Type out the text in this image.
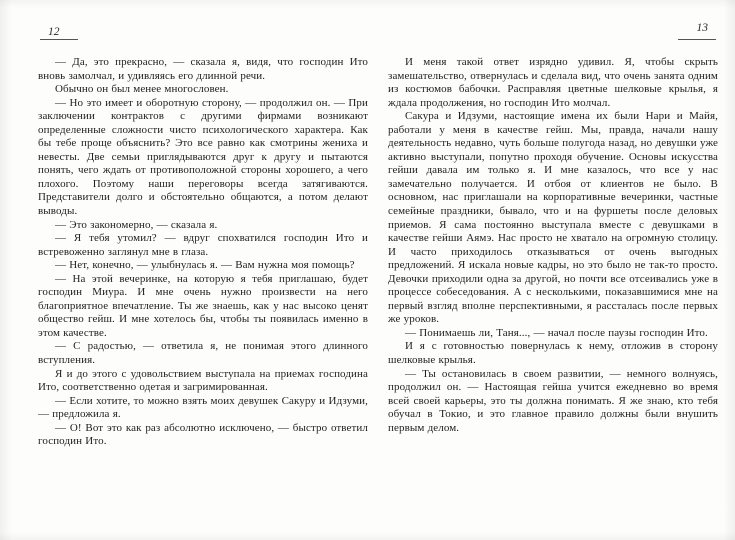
12

— Да, это прекрасно, — сказала я, видя, что господин Ито вновь замолчал, и удивляясь его длинной речи.

Обычно он был менее многословен.

— Но это имеет и оборотную сторону, — продолжил он. — При заключении контрактов с другими фирмами возникают определенные сложности чисто психологического характера. Как бы тебе проще объяснить? Это все равно как смотрины жениха и невесты. Две семьи приглядываются друг к другу и пытаются понять, чего ждать от противоположной стороны хорошего, а чего плохого. Поэтому наши переговоры всегда затягиваются. Представители долго и обстоятельно общаются, а потом делают выводы.

— Это закономерно, — сказала я.

— Я тебя утомил? — вдруг спохватился господин Ито и встревоженно заглянул мне в глаза.

— Нет, конечно, — улыбнулась я. — Вам нужна моя помощь?

— На этой вечеринке, на которую я тебя приглашаю, будет господин Миура. И мне очень нужно произвести на него благоприятное впечатление. Ты же знаешь, как у нас высоко ценят общество гейш. И мне хотелось бы, чтобы ты появилась именно в этом качестве.

— С радостью, — ответила я, не понимая этого длинного вступления.

Я и до этого с удовольствием выступала на приемах господина Ито, соответственно одетая и загримированная.

— Если хотите, то можно взять моих девушек Сакуру и Идзуми, — предложила я.

— О! Вот это как раз абсолютно исключено, — быстро ответил господин Ито.

13

И меня такой ответ изрядно удивил. Я, чтобы скрыть замешательство, отвернулась и сделала вид, что очень занята одним из костюмов бабочки. Расправляя цветные шелковые крылья, я ждала продолжения, но господин Ито молчал.

Сакура и Идзуми, настоящие имена их были Нари и Майя, работали у меня в качестве гейш. Мы, правда, начали нашу деятельность недавно, чуть больше полугода назад, но девушки уже активно выступали, попутно проходя обучение. Основы искусства гейши давала им только я. И мне казалось, что все у нас замечательно получается. И отбоя от клиентов не было. В основном, нас приглашали на корпоративные вечеринки, частные семейные праздники, бывало, что и на фуршеты после деловых приемов. Я сама постоянно выступала вместе с девушками в качестве гейши Аямэ. Нас просто не хватало на огромную столицу. И часто приходилось отказываться от очень выгодных предложений. Я искала новые кадры, но это было не так-то просто. Девочки приходили одна за другой, но почти все отсеивались уже в процессе собеседования. А с несколькими, показавшимися мне на первый взгляд вполне перспективными, я рассталась после первых же уроков.

— Понимаешь ли, Таня..., — начал после паузы господин Ито.

И я с готовностью повернулась к нему, отложив в сторону шелковые крылья.

— Ты остановилась в своем развитии, — немного волнуясь, продолжил он. — Настоящая гейша учится ежедневно во время всей своей карьеры, это ты должна понимать. Я же знаю, кто тебя обучал в Токио, и это главное правило должны были внушить первым делом.
